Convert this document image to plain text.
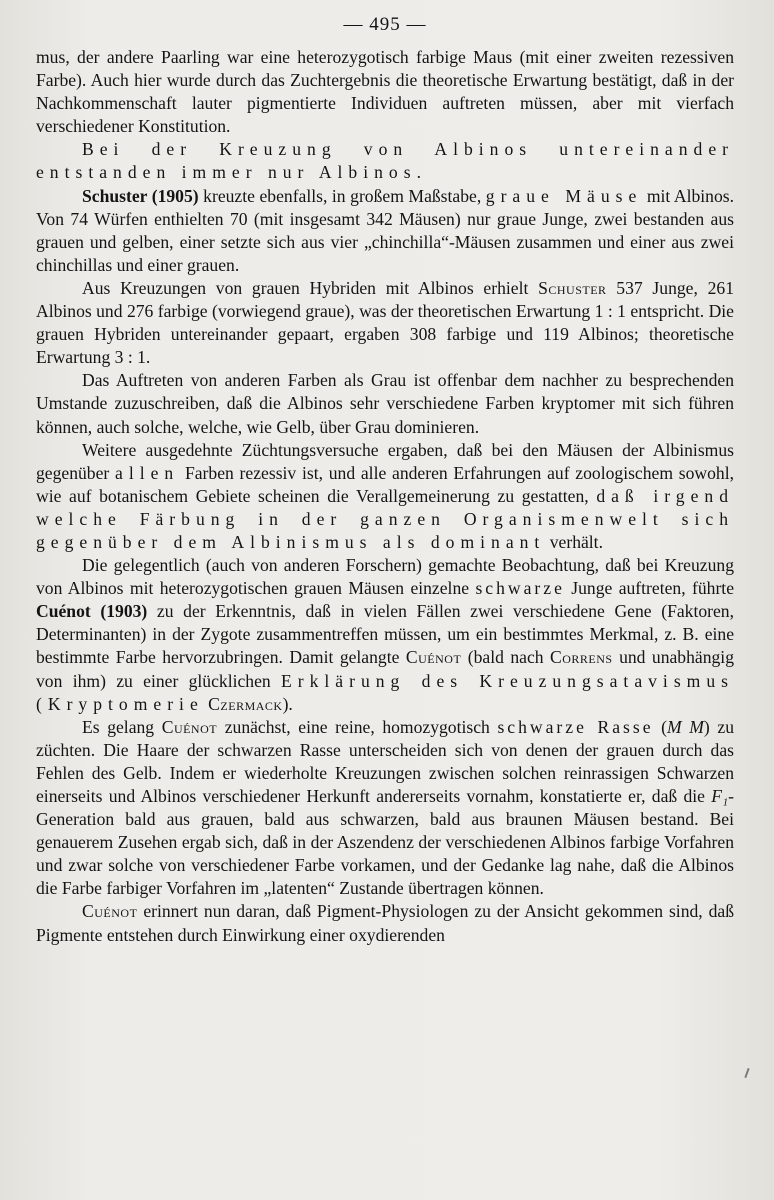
— 495 —

mus, der andere Paarling war eine heterozygotisch farbige Maus (mit einer zweiten rezessiven Farbe). Auch hier wurde durch das Zuchtergebnis die theoretische Erwartung bestätigt, daß in der Nachkommenschaft lauter pigmentierte Individuen auftreten müssen, aber mit vierfach verschiedener Konstitution.

Bei der Kreuzung von Albinos untereinander entstanden immer nur Albinos.

Schuster (1905) kreuzte ebenfalls, in großem Maßstabe, graue Mäuse mit Albinos. Von 74 Würfen enthielten 70 (mit insgesamt 342 Mäusen) nur graue Junge, zwei bestanden aus grauen und gelben, einer setzte sich aus vier „chinchilla“-Mäusen zusammen und einer aus zwei chinchillas und einer grauen.

Aus Kreuzungen von grauen Hybriden mit Albinos erhielt Schuster 537 Junge, 261 Albinos und 276 farbige (vorwiegend graue), was der theoretischen Erwartung 1 : 1 entspricht. Die grauen Hybriden untereinander gepaart, ergaben 308 farbige und 119 Albinos; theoretische Erwartung 3 : 1.

Das Auftreten von anderen Farben als Grau ist offenbar dem nachher zu besprechenden Umstande zuzuschreiben, daß die Albinos sehr verschiedene Farben kryptomer mit sich führen können, auch solche, welche, wie Gelb, über Grau dominieren.

Weitere ausgedehnte Züchtungsversuche ergaben, daß bei den Mäusen der Albinismus gegenüber allen Farben rezessiv ist, und alle anderen Erfahrungen auf zoologischem sowohl, wie auf botanischem Gebiete scheinen die Verallgemeinerung zu gestatten, daß irgend welche Färbung in der ganzen Organismenwelt sich gegenüber dem Albinismus als dominant verhält.

Die gelegentlich (auch von anderen Forschern) gemachte Beobachtung, daß bei Kreuzung von Albinos mit heterozygotischen grauen Mäusen einzelne schwarze Junge auftreten, führte Cuénot (1903) zu der Erkenntnis, daß in vielen Fällen zwei verschiedene Gene (Faktoren, Determinanten) in der Zygote zusammentreffen müssen, um ein bestimmtes Merkmal, z. B. eine bestimmte Farbe hervorzubringen. Damit gelangte Cuénot (bald nach Correns und unabhängig von ihm) zu einer glücklichen Erklärung des Kreuzungsatavismus (Kryptomerie Czermack).

Es gelang Cuénot zunächst, eine reine, homozygotisch schwarze Rasse (M M) zu züchten. Die Haare der schwarzen Rasse unterscheiden sich von denen der grauen durch das Fehlen des Gelb. Indem er wiederholte Kreuzungen zwischen solchen reinrassigen Schwarzen einerseits und Albinos verschiedener Herkunft andererseits vornahm, konstatierte er, daß die F₁-Generation bald aus grauen, bald aus schwarzen, bald aus braunen Mäusen bestand. Bei genauerem Zusehen ergab sich, daß in der Aszendenz der verschiedenen Albinos farbige Vorfahren und zwar solche von verschiedener Farbe vorkamen, und der Gedanke lag nahe, daß die Albinos die Farbe farbiger Vorfahren im „latenten“ Zustande übertragen können.

Cuénot erinnert nun daran, daß Pigment-Physiologen zu der Ansicht gekommen sind, daß Pigmente entstehen durch Einwirkung einer oxydierenden
